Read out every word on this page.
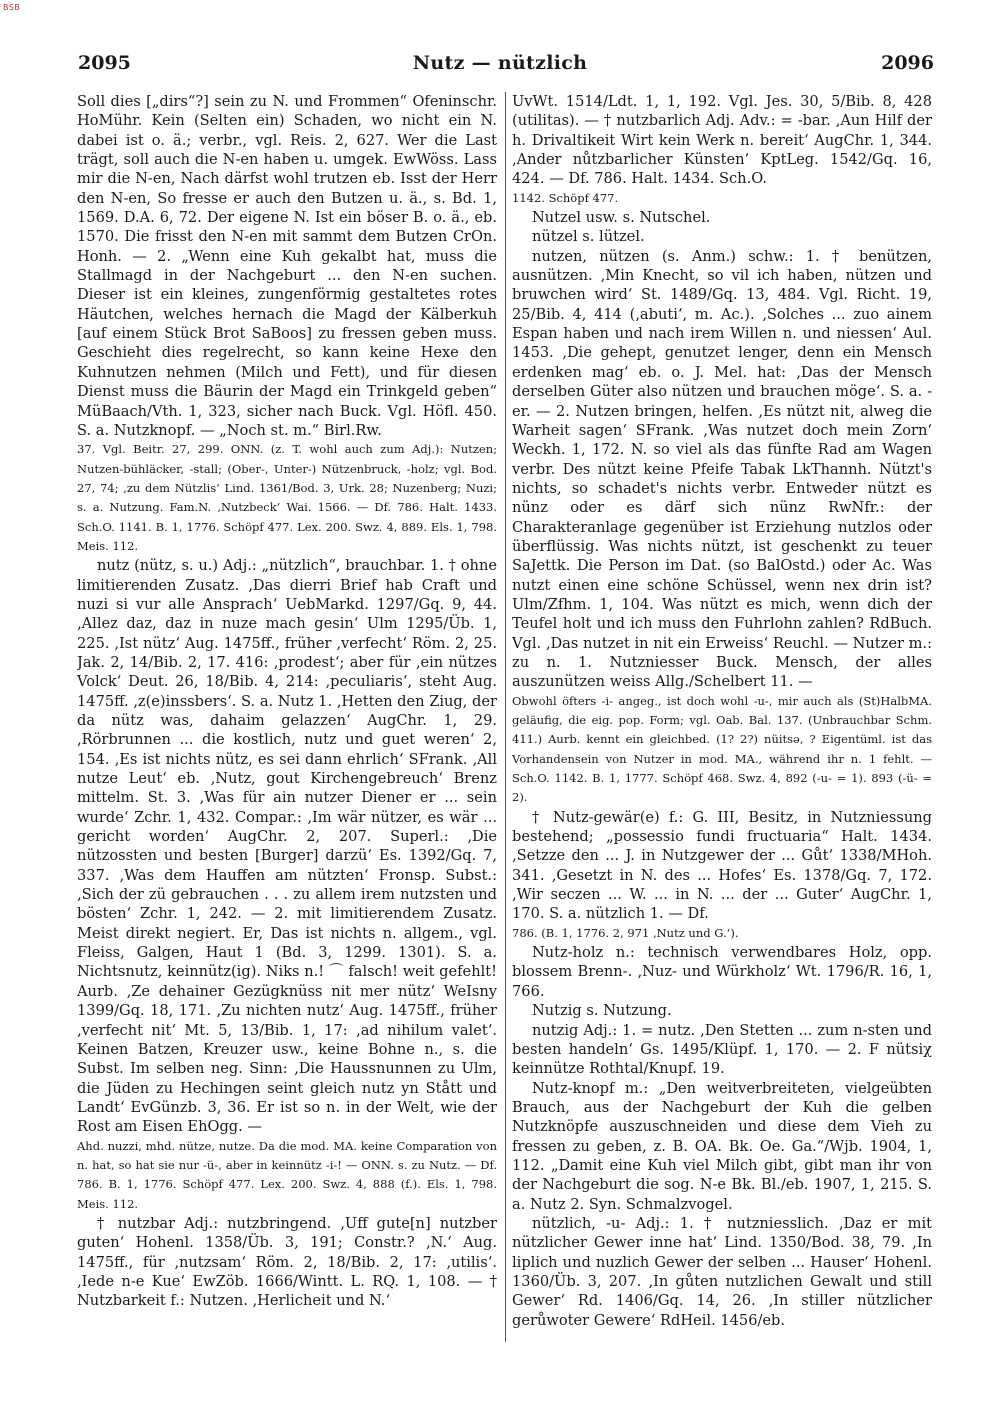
BSB
2095	Nutz — nützlich	2096

Soll dies [„dirs“?] sein zu N. und Frommen“ Ofeninschr. HoMühr. Kein (Selten ein) Schaden, wo nicht ein N. dabei ist o. ä.; verbr., vgl. Reis. 2, 627. Wer die Last trägt, soll auch die N-en haben u. umgek. EwWöss. Lass mir die N-en, Nach därfst wohl trutzen eb. Isst der Herr den N-en, So fresse er auch den Butzen u. ä., s. Bd. 1, 1569. D.A. 6, 72. Der eigene N. Ist ein böser B. o. ä., eb. 1570. Die frisst den N-en mit sammt dem Butzen CrOn. Honh. — 2. „Wenn eine Kuh gekalbt hat, muss die Stallmagd in der Nachgeburt ... den N-en suchen. Dieser ist ein kleines, zungenförmig gestaltetes rotes Häutchen, welches hernach die Magd der Kälberkuh [auf einem Stück Brot SaBoos] zu fressen geben muss. Geschieht dies regelrecht, so kann keine Hexe den Kuhnutzen nehmen (Milch und Fett), und für diesen Dienst muss die Bäurin der Magd ein Trinkgeld geben“ MüBaach/Vth. 1, 323, sicher nach Buck. Vgl. Höfl. 450. S. a. Nutzknopf. — „Noch st. m.“ Birl.Rw.

37. Vgl. Beitr. 27, 299. ONN. (z. T. wohl auch zum Adj.): Nutzen; Nutzen-bühläcker, -stall; (Ober-, Unter-) Nützenbruck, -holz; vgl. Bod. 27, 74; ‚zu dem Nützlis‘ Lind. 1361/Bod. 3, Urk. 28; Nuzenberg; Nuzi; s. a. Nutzung. Fam.N. ‚Nutzbeck‘ Wai. 1566. — Df. 786. Halt. 1433. Sch.O. 1141. B. 1, 1776. Schöpf 477. Lex. 200. Swz. 4, 889. Els. 1, 798. Meis. 112.

nutz (nütz, s. u.) Adj.: „nützlich“, brauchbar. 1. † ohne limitierenden Zusatz. ‚Das dierri Brief hab Craft und nuzi si vur alle Ansprach‘ UebMarkd. 1297/Gq. 9, 44. ‚Allez daz, daz in nuze mach gesin‘ Ulm 1295/Üb. 1, 225. ‚Ist nütz‘ Aug. 1475ff., früher ‚verfecht‘ Röm. 2, 25. Jak. 2, 14/Bib. 2, 17. 416: ‚prodest‘; aber für ‚ein nützes Volck‘ Deut. 26, 18/Bib. 4, 214: ‚peculiaris‘, steht Aug. 1475ff. ‚z(e)inssbers‘. S. a. Nutz 1. ‚Hetten den Ziug, der da nütz was, dahaim gelazzen‘ AugChr. 1, 29. ‚Rörbrunnen ... die kostlich, nutz und guet weren‘ 2, 154. ‚Es ist nichts nütz, es sei dann ehrlich‘ SFrank. ‚All nutze Leut‘ eb. ‚Nutz, gout Kirchengebreuch‘ Brenz mittelm. St. 3. ‚Was für ain nutzer Diener er ... sein wurde‘ Zchr. 1, 432. Compar.: ‚Im wär nützer, es wär ... gericht worden‘ AugChr. 2, 207. Superl.: ‚Die nützossten und besten [Burger] darzü‘ Es. 1392/Gq. 7, 337. ‚Was dem Hauffen am nützten‘ Fronsp. Subst.: ‚Sich der zü gebrauchen . . . zu allem irem nutzsten und bösten‘ Zchr. 1, 242. — 2. mit limitierendem Zusatz. Meist direkt negiert. Er, Das ist nichts n. allgem., vgl. Fleiss, Galgen, Haut 1 (Bd. 3, 1299. 1301). S. a. Nichtsnutz, keinnütz(ig). Niks n.! ⌒ falsch! weit gefehlt! Aurb. ‚Ze dehainer Gezügknüss nit mer nütz‘ WeIsny 1399/Gq. 18, 171. ‚Zu nichten nutz‘ Aug. 1475ff., früher ‚verfecht nit‘ Mt. 5, 13/Bib. 1, 17: ‚ad nihilum valet‘. Keinen Batzen, Kreuzer usw., keine Bohne n., s. die Subst. Im selben neg. Sinn: ‚Die Haussnunnen zu Ulm, die Jüden zu Hechingen seint gleich nutz yn Stått und Landt‘ EvGünzb. 3, 36. Er ist so n. in der Welt, wie der Rost am Eisen EhOgg. —

Ahd. nuzzi, mhd. nütze, nutze. Da die mod. MA. keine Comparation von n. hat, so hat sie nur -ü-, aber in keinnütz -i-! — ONN. s. zu Nutz. — Df. 786. B. 1, 1776. Schöpf 477. Lex. 200. Swz. 4, 888 (f.). Els. 1, 798. Meis. 112.

† nutzbar Adj.: nutzbringend. ‚Uff gute[n] nutzber guten‘ Hohenl. 1358/Üb. 3, 191; Constr.? ‚N.‘ Aug. 1475ff., für ‚nutzsam‘ Röm. 2, 18/Bib. 2, 17: ‚utilis‘. ‚Iede n-e Kue‘ EwZöb. 1666/Wintt. L. RQ. 1, 108. — † Nutzbarkeit f.: Nutzen. ‚Herlicheit und N.‘

UvWt. 1514/Ldt. 1, 1, 192. Vgl. Jes. 30, 5/Bib. 8, 428 (utilitas). — † nutzbarlich Adj. Adv.: = -bar. ‚Aun Hilf der h. Drivaltikeit Wirt kein Werk n. bereit‘ AugChr. 1, 344. ‚Ander nůtzbarlicher Künsten‘ KptLeg. 1542/Gq. 16, 424. — Df. 786. Halt. 1434. Sch.O.

1142. Schöpf 477.

Nutzel usw. s. Nutschel.

nützel s. lützel.

nutzen, nützen (s. Anm.) schw.: 1. † benützen, ausnützen. ‚Min Knecht, so vil ich haben, nützen und bruwchen wird‘ St. 1489/Gq. 13, 484. Vgl. Richt. 19, 25/Bib. 4, 414 (‚abuti‘, m. Ac.). ‚Solches ... zuo ainem Espan haben und nach irem Willen n. und niessen‘ Aul. 1453. ‚Die gehept, genutzet lenger, denn ein Mensch erdenken mag‘ eb. o. J. Mel. hat: ‚Das der Mensch derselben Güter also nützen und brauchen möge‘. S. a. -er. — 2. Nutzen bringen, helfen. ‚Es nützt nit, alweg die Warheit sagen‘ SFrank. ‚Was nutzet doch mein Zorn‘ Weckh. 1, 172. N. so viel als das fünfte Rad am Wagen verbr. Des nützt keine Pfeife Tabak LkThannh. Nützt's nichts, so schadet's nichts verbr. Entweder nützt es nünz oder es därf sich nünz RwNfr.: der Charakteranlage gegenüber ist Erziehung nutzlos oder überflüssig. Was nichts nützt, ist geschenkt zu teuer SaJettk. Die Person im Dat. (so BalOstd.) oder Ac. Was nutzt einen eine schöne Schüssel, wenn nex drin ist? Ulm/Zfhm. 1, 104. Was nützt es mich, wenn dich der Teufel holt und ich muss den Fuhrlohn zahlen? RdBuch. Vgl. ‚Das nutzet in nit ein Erweiss‘ Reuchl. — Nutzer m.: zu n. 1. Nutzniesser Buck. Mensch, der alles auszunützen weiss Allg./Schelbert 11. —

Obwohl öfters -i- angeg., ist doch wohl -u-, mir auch als (St)HalbMA. geläufig, die eig. pop. Form; vgl. Oab. Bal. 137. (Unbrauchbar Schm. 411.) Aurb. kennt ein gleichbed. (1? 2?) nüitsə, ? Eigentüml. ist das Vorhandensein von Nutzer in mod. MA., während ihr n. 1 fehlt. — Sch.O. 1142. B. 1, 1777. Schöpf 468. Swz. 4, 892 (-u- = 1). 893 (-ü- = 2).

† Nutz-gewär(e) f.: G. III, Besitz, in Nutzniessung bestehend; „possessio fundi fructuaria“ Halt. 1434. ‚Setzze den ... J. in Nutzgewer der ... Gůt‘ 1338/MHoh. 341. ‚Gesetzt in N. des ... Hofes‘ Es. 1378/Gq. 7, 172. ‚Wir seczen ... W. ... in N. ... der ... Guter‘ AugChr. 1, 170. S. a. nützlich 1. — Df.

786. (B. 1, 1776. 2, 971 ‚Nutz und G.‘).

Nutz-holz n.: technisch verwendbares Holz, opp. blossem Brenn-. ‚Nuz- und Würkholz‘ Wt. 1796/R. 16, 1, 766.

Nutzig s. Nutzung.

nutzig Adj.: 1. = nutz. ‚Den Stetten ... zum n-sten und besten handeln‘ Gs. 1495/Klüpf. 1, 170. — 2. F nütsiχ keinnütze Rothtal/Knupf. 19.

Nutz-knopf m.: „Den weitverbreiteten, vielgeübten Brauch, aus der Nachgeburt der Kuh die gelben Nutzknöpfe auszuschneiden und diese dem Vieh zu fressen zu geben, z. B. OA. Bk. Oe. Ga.“/Wjb. 1904, 1, 112. „Damit eine Kuh viel Milch gibt, gibt man ihr von der Nachgeburt die sog. N-e Bk. Bl./eb. 1907, 1, 215. S. a. Nutz 2. Syn. Schmalzvogel.

nützlich, -u- Adj.: 1. † nutzniesslich. ‚Daz er mit nützlicher Gewer inne hat‘ Lind. 1350/Bod. 38, 79. ‚In liplich und nuzlich Gewer der selben ... Hauser‘ Hohenl. 1360/Üb. 3, 207. ‚In gůten nutzlichen Gewalt und still Gewer‘ Rd. 1406/Gq. 14, 26. ‚In stiller nützlicher gerůwoter Gewere‘ RdHeil. 1456/eb.
